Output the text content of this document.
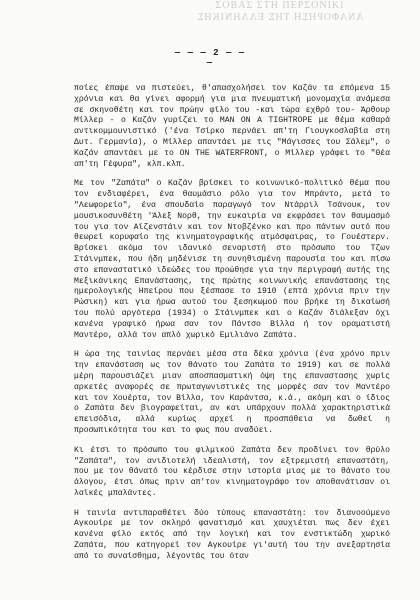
ΣΟΒΑΣ ΣΤΗ ΠΕΡΣΟΝΙΚΙ
ΑΝΑΦΟΡΗΣΗ ΤΗΣ ΕΛΛΗΝΙΚΗΣ
— — — 2 — — —

ποίες έπαψε να πιστεύει, θ'απασχολήσει τον Καζάν τα επόμενα 15 χρόνια και θα γίνει αφορμή για μια πνευματική μονομαχία ανάμεσα σε σκηνοθέτη και τον πρώην φίλο του -και τώρα εχθρό του- Άρθουρ Μίλλερ - ο Καζάν γυρίζει το MAN ON A TIGHTROPE με θέμα καθαρά αντικομμουνιστικό ('ένα Τσίρκο περνάει απ'τη Γιουγκοσλαβία στη Δυτ. Γερμανία), ο Μίλλερ απαντάει με τις "Μάγισσες του Σάλεμ", ο Καζάν απαντάει με το ON THE WATERFRONT, ο Μίλλερ γράφει το "Θέα απ'τη Γέφυρα", κλπ.κλπ.

Με τον "Ζαπάτα" ο Καζάν βρίσκει το κοινωνικό-πολιτικό θέμα που τον ενδιαφέρει, ένα θαυμάσιο ρόλο για τον Μπράντο, μετά το "Λεωφορείο", ένα σπουδαίο παραγωγό τον Ντάρριλ Τσάνουκ, τον μουσικοσυνθέτη 'Άλεξ Νορθ, την ευκαιρία να εκφράσει τον θαυμασμό του για τον Αϊζενστάιν και τον Ντοβζένκο και προ πάντων αυτό που θεωρεί κορυφαίο της κινηματογραφικής ατμόσφαιρας, το Γουέστερν. Βρίσκει ακόμα τον ιδανικό σεναριστή στο πρόσωπο του Τζων Στάινμπεκ, που ήδη μηδένισε τη συνηθισμένη παρουσία του και πίσω στο επαναστατικό ιδεώδες του προώθησε για την περιγραφή αυτής της Μεξικάνικης Επανάστασης, της πρώτης κοινωνικής επανάστασης της ημερολογικής Ηπείρου που ξέσπασε το 1910 (επτά χρόνια πριν την Ρώσικη) και για ήρωα αυτού του ξεσηκωμού που βρήκε τη δικαίωσή του πολύ αργότερα (1934) ο Στάινμπεκ και ο Καζάν διάλεξαν όχι κανένα γραφικό ήρωα σαν τον Πάντσο Βίλλα ή τον οραματιστή Μαντέρο, αλλά τον απλό χωρικό Εμιλιάνο Ζαπάτα.

Η ώρα της ταινίας περνάει μέσα στα δέκα χρόνια (ένα χρόνο πριν την επανάσταση ως τον θάνατο του Ζαπάτα το 1919) και σε πολλά μέρη παρουσιάζει μιαν αποσπασματική όψη της επαναστασης χωρίς αρκετές αναφορές σε πρωταγωνιστικές της μορφές σαν τον Μαντέρο και τον Χουέρτα, τον Βίλλα, τον Καράντσα, κ.ά., ακόμη και ο ίδιος ο Ζαπάτα δεν βιογραφείται, αν και υπάρχουν πολλά χαρακτηριστικά επεισόδια, αλλά κυρίως αρχεί η προσπάθεια να δωθεί η προσωπικότητα του και το φως που αναδύει.

Κι έτσι το πρόσωπο του φιλμικού Ζαπάτα δεν προδίνει τον θρύλο "Ζαπάτα", τον ανιδιοτελή ιδεαλιστή, τον εξτρεμιστή επαναστάτη, που με τον θάνατό του κέρδισε στην ιστορία μιας με το θάνατο του άλογου, έτσι όπως πριν απ'τον κινηματογράφο τον αποθανάτισαν οι λαϊκές μπαλάντες.

Η ταινία αντιπαραθέτει δύο τύπους επαναστάτη: τον διανοούμενο Αγκουίρε με τον σκληρό φανατισμό και χαυχιέται πως δεν έχει κανένα φίλο εκτός από την λογική και τον ενστικτώδη χωρικό Ζαπάτα, που κατηγορεί τον Αγκουίρε γι'αυτή του την ανεξαρτησία από το συναίσθημα, λέγοντάς του όταν
